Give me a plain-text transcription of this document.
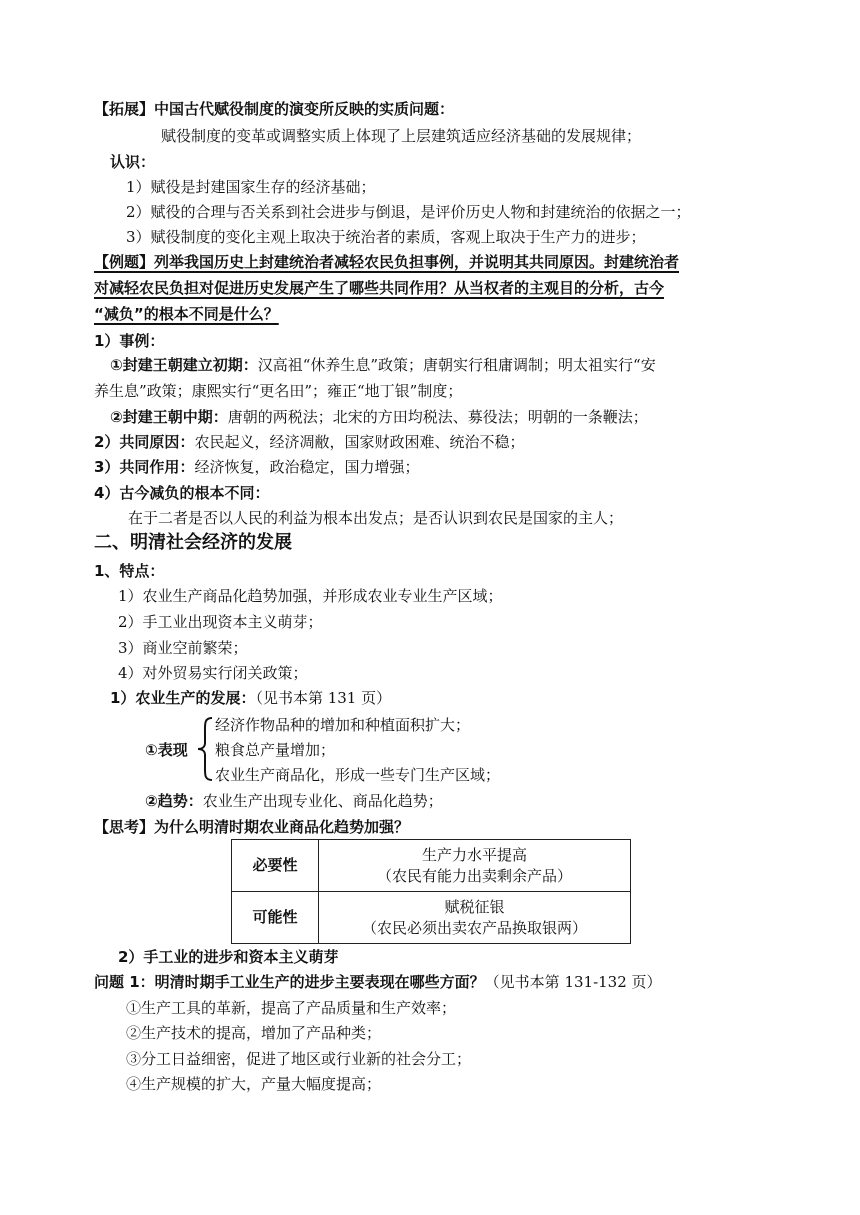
【拓展】中国古代赋役制度的演变所反映的实质问题：
赋役制度的变革或调整实质上体现了上层建筑适应经济基础的发展规律；
认识：
1）赋役是封建国家生存的经济基础；
2）赋役的合理与否关系到社会进步与倒退，是评价历史人物和封建统治的依据之一；
3）赋役制度的变化主观上取决于统治者的素质，客观上取决于生产力的进步；
【例题】列举我国历史上封建统治者减轻农民负担事例，并说明其共同原因。封建统治者
对减轻农民负担对促进历史发展产生了哪些共同作用？从当权者的主观目的分析，古今
“减负”的根本不同是什么？
1）事例：
①封建王朝建立初期：汉高祖“休养生息”政策；唐朝实行租庸调制；明太祖实行“安
养生息”政策；康熙实行“更名田”；雍正“地丁银”制度；
②封建王朝中期：唐朝的两税法；北宋的方田均税法、募役法；明朝的一条鞭法；
2）共同原因：农民起义，经济凋敝，国家财政困难、统治不稳；
3）共同作用：经济恢复，政治稳定，国力增强；
4）古今减负的根本不同：
在于二者是否以人民的利益为根本出发点；是否认识到农民是国家的主人；
二、明清社会经济的发展
1、特点：
1）农业生产商品化趋势加强，并形成农业专业生产区域；
2）手工业出现资本主义萌芽；
3）商业空前繁荣；
4）对外贸易实行闭关政策；
1）农业生产的发展：（见书本第 131 页）
①表现
经济作物品种的增加和种植面积扩大；
粮食总产量增加；
农业生产商品化，形成一些专门生产区域；
②趋势：农业生产出现专业化、商品化趋势；
【思考】为什么明清时期农业商品化趋势加强？
必要性	生产力水平提高
（农民有能力出卖剩余产品）

可能性	赋税征银
（农民必须出卖农产品换取银两）
2）手工业的进步和资本主义萌芽
问题 1：明清时期手工业生产的进步主要表现在哪些方面？（见书本第 131-132 页）
①生产工具的革新，提高了产品质量和生产效率；
②生产技术的提高，增加了产品种类；
③分工日益细密，促进了地区或行业新的社会分工；
④生产规模的扩大，产量大幅度提高；
